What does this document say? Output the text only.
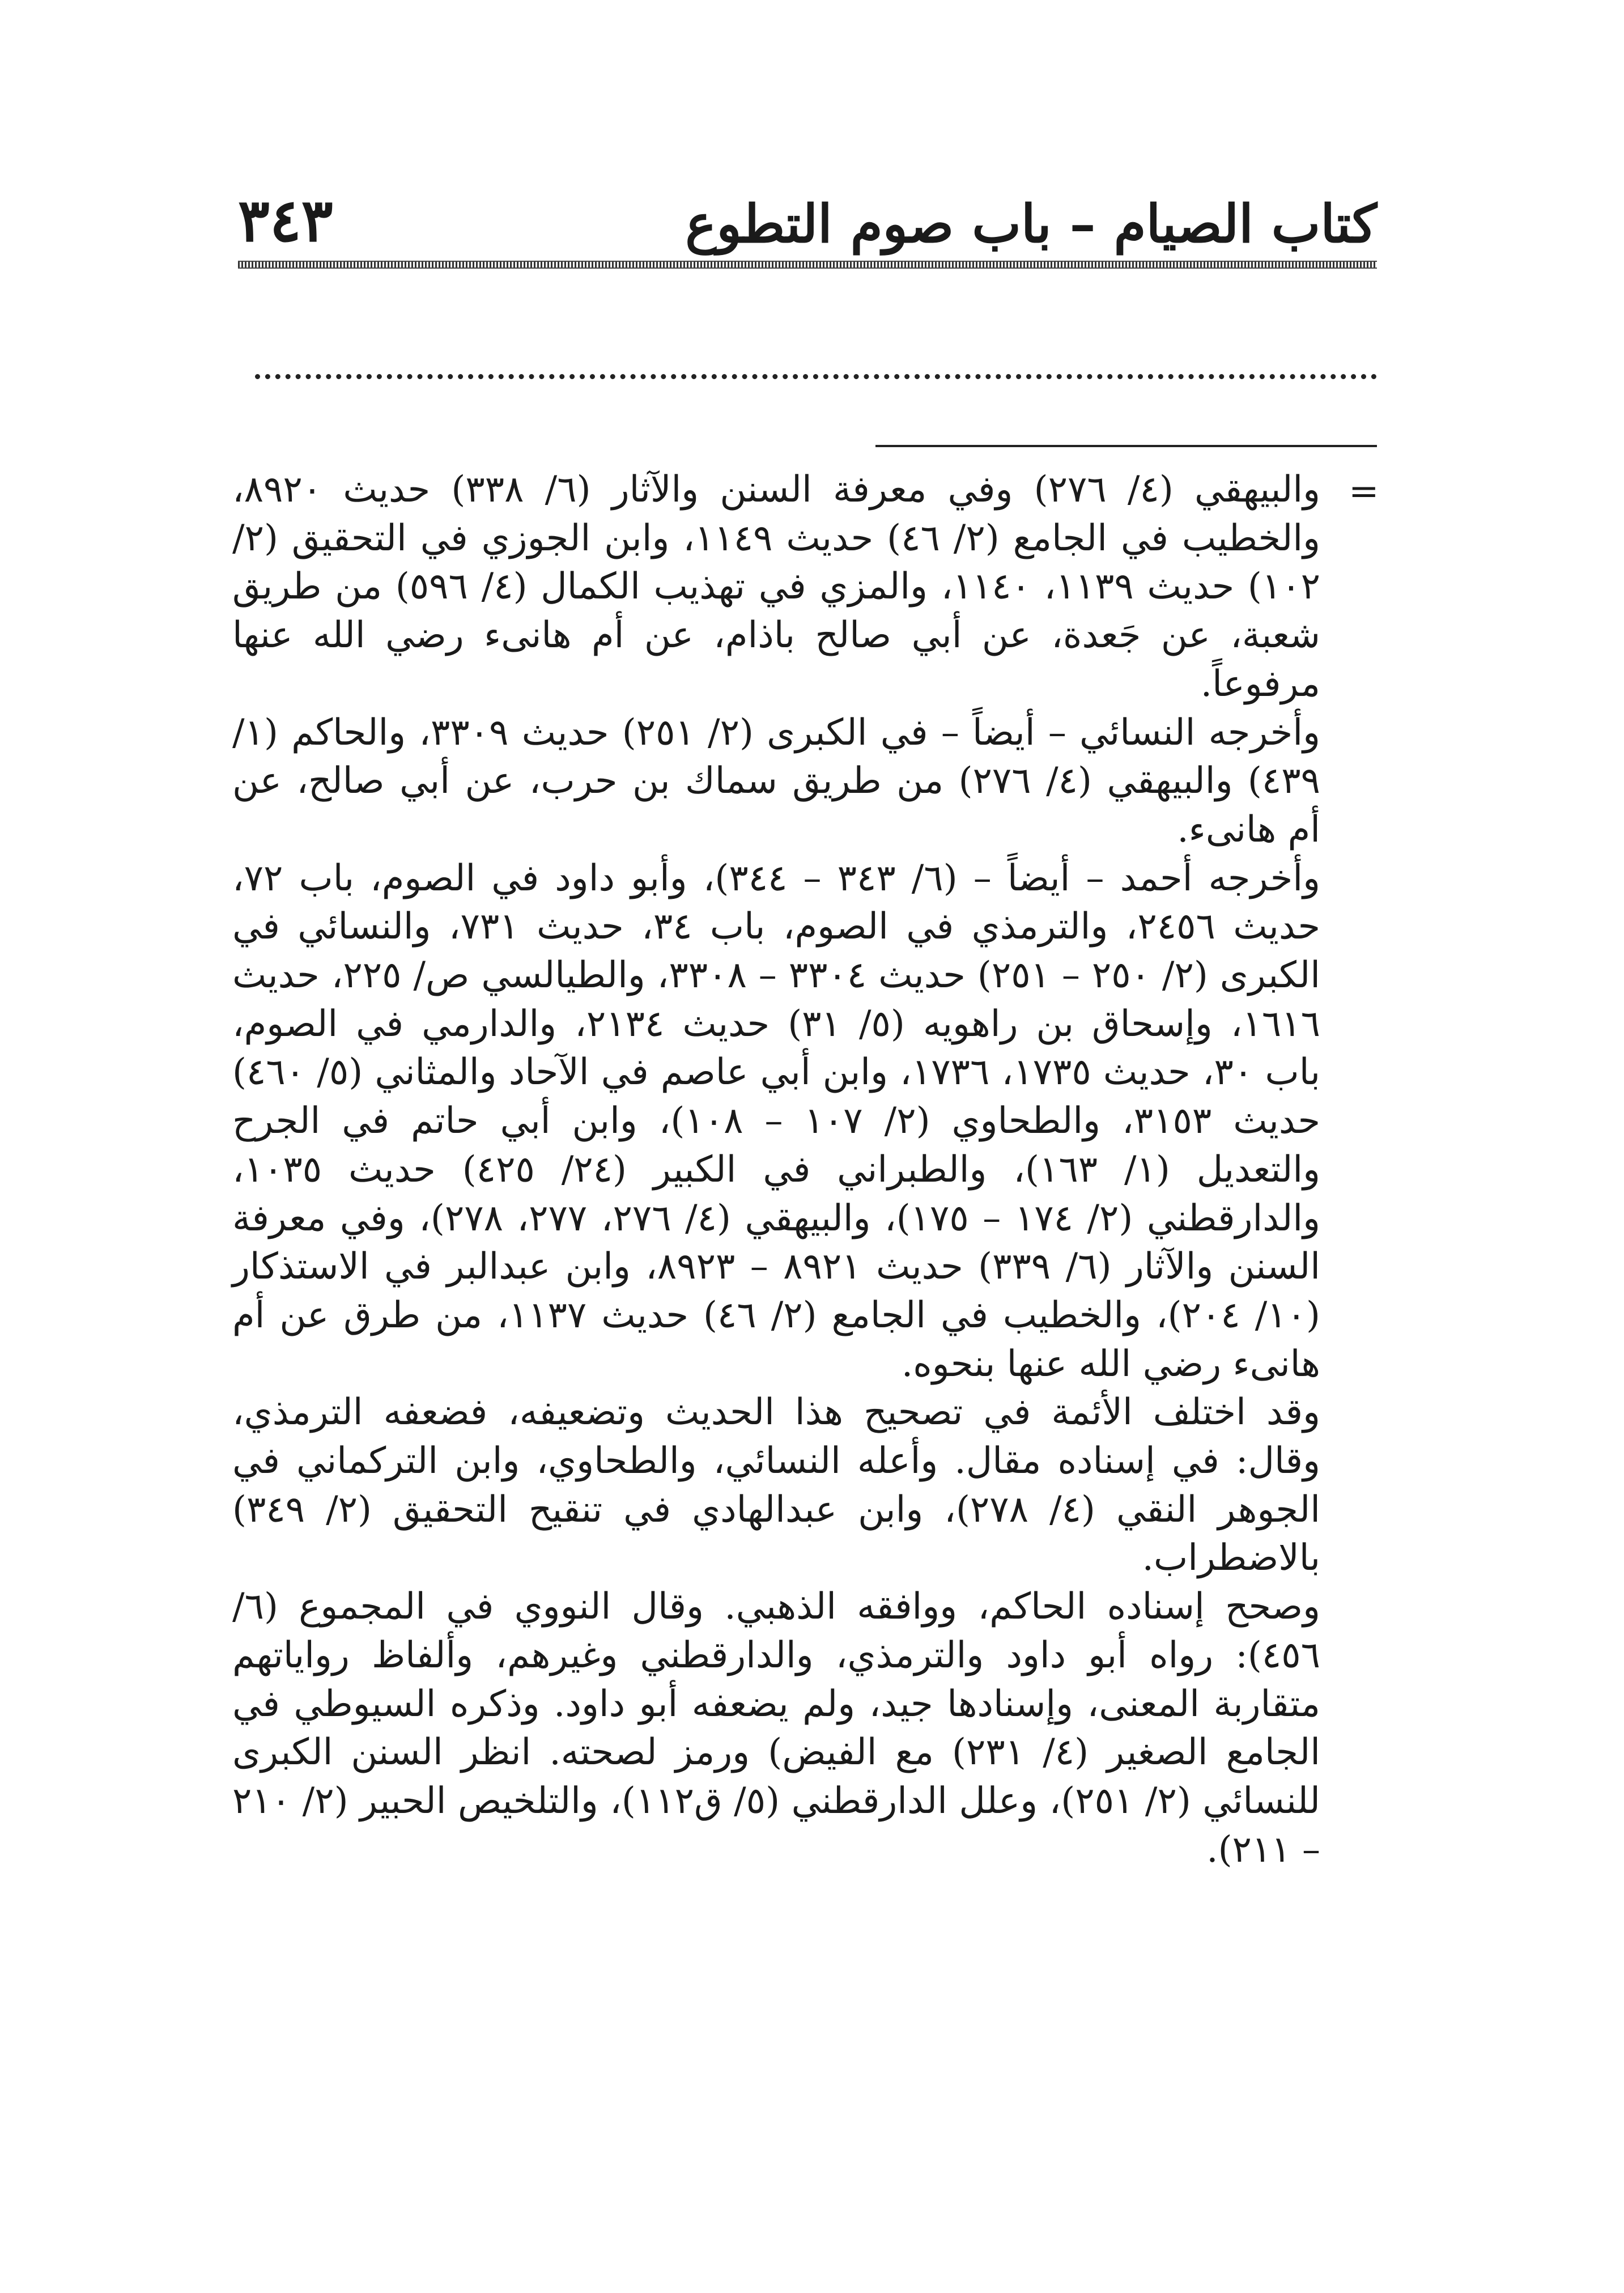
كتاب الصيام – باب صوم التطوع
٣٤٣
=

والبيهقي (٤/ ٢٧٦) وفي معرفة السنن والآثار (٦/ ٣٣٨) حديث ٨٩٢٠، والخطيب في الجامع (٢/ ٤٦) حديث ١١٤٩، وابن الجوزي في التحقيق (٢/ ١٠٢) حديث ١١٣٩، ١١٤٠، والمزي في تهذيب الكمال (٤/ ٥٩٦) من طريق شعبة، عن جَعدة، عن أبي صالح باذام، عن أم هانىء رضي الله عنها مرفوعاً.

وأخرجه النسائي – أيضاً – في الكبرى (٢/ ٢٥١) حديث ٣٣٠٩، والحاكم (١/ ٤٣٩) والبيهقي (٤/ ٢٧٦) من طريق سماك بن حرب، عن أبي صالح، عن أم هانىء.

وأخرجه أحمد – أيضاً – (٦/ ٣٤٣ – ٣٤٤)، وأبو داود في الصوم، باب ٧٢، حديث ٢٤٥٦، والترمذي في الصوم، باب ٣٤، حديث ٧٣١، والنسائي في الكبرى (٢/ ٢٥٠ – ٢٥١) حديث ٣٣٠٤ – ٣٣٠٨، والطيالسي ص/ ٢٢٥، حديث ١٦١٦، وإسحاق بن راهويه (٥/ ٣١) حديث ٢١٣٤، والدارمي في الصوم، باب ٣٠، حديث ١٧٣٥، ١٧٣٦، وابن أبي عاصم في الآحاد والمثاني (٥/ ٤٦٠) حديث ٣١٥٣، والطحاوي (٢/ ١٠٧ – ١٠٨)، وابن أبي حاتم في الجرح والتعديل (١/ ١٦٣)، والطبراني في الكبير (٢٤/ ٤٢٥) حديث ١٠٣٥، والدارقطني (٢/ ١٧٤ – ١٧٥)، والبيهقي (٤/ ٢٧٦، ٢٧٧، ٢٧٨)، وفي معرفة السنن والآثار (٦/ ٣٣٩) حديث ٨٩٢١ – ٨٩٢٣، وابن عبدالبر في الاستذكار (١٠/ ٢٠٤)، والخطيب في الجامع (٢/ ٤٦) حديث ١١٣٧، من طرق عن أم هانىء رضي الله عنها بنحوه.

وقد اختلف الأئمة في تصحيح هذا الحديث وتضعيفه، فضعفه الترمذي، وقال: في إسناده مقال. وأعله النسائي، والطحاوي، وابن التركماني في الجوهر النقي (٤/ ٢٧٨)، وابن عبدالهادي في تنقيح التحقيق (٢/ ٣٤٩) بالاضطراب.

وصحح إسناده الحاكم، ووافقه الذهبي. وقال النووي في المجموع (٦/ ٤٥٦): رواه أبو داود والترمذي، والدارقطني وغيرهم، وألفاظ رواياتهم متقاربة المعنى، وإسنادها جيد، ولم يضعفه أبو داود. وذكره السيوطي في الجامع الصغير (٤/ ٢٣١) مع الفيض) ورمز لصحته. انظر السنن الكبرى للنسائي (٢/ ٢٥١)، وعلل الدارقطني (٥/ ق١١٢)، والتلخيص الحبير (٢/ ٢١٠ – ٢١١).
